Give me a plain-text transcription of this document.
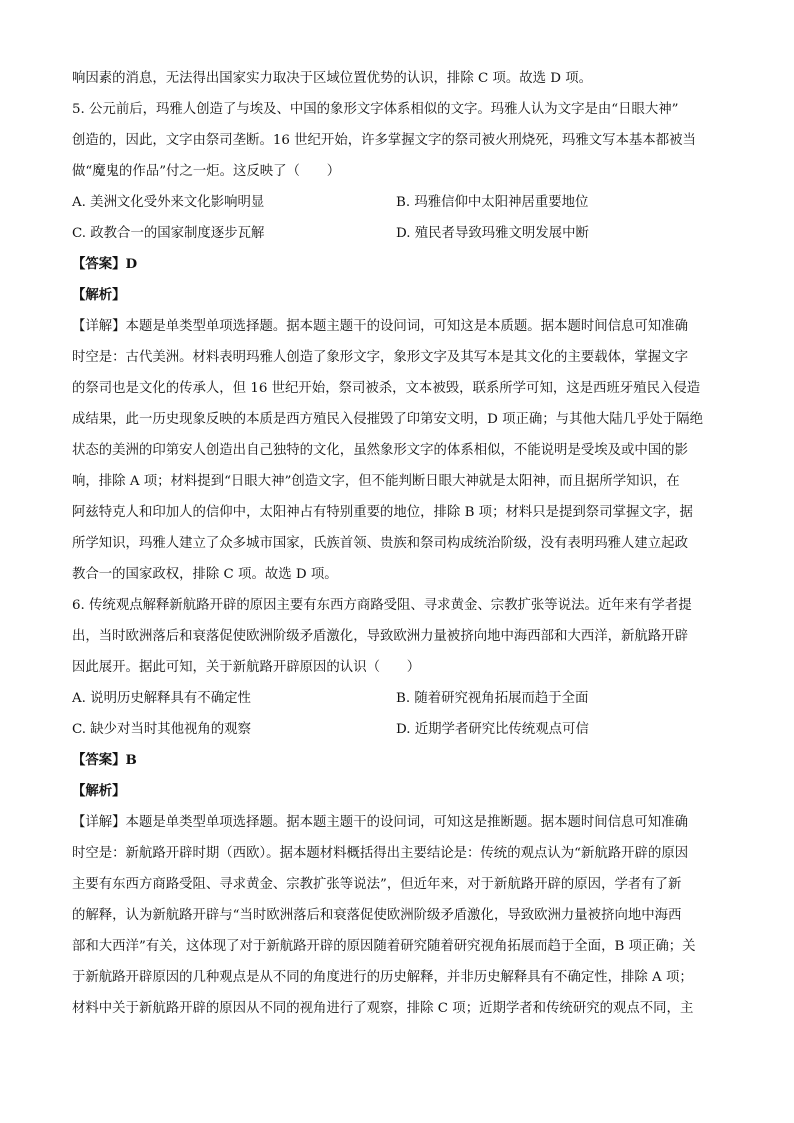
响因素的消息，无法得出国家实力取决于区域位置优势的认识，排除 C 项。故选 D 项。
5. 公元前后，玛雅人创造了与埃及、中国的象形文字体系相似的文字。玛雅人认为文字是由“日眼大神”
创造的，因此，文字由祭司垄断。16 世纪开始，许多掌握文字的祭司被火刑烧死，玛雅文写本基本都被当
做“魔鬼的作品”付之一炬。这反映了（　　）
A. 美洲文化受外来文化影响明显	B. 玛雅信仰中太阳神居重要地位
C. 政教合一的国家制度逐步瓦解	D. 殖民者导致玛雅文明发展中断
【答案】D
【解析】
【详解】本题是单类型单项选择题。据本题主题干的设问词，可知这是本质题。据本题时间信息可知准确
时空是：古代美洲。材料表明玛雅人创造了象形文字，象形文字及其写本是其文化的主要载体，掌握文字
的祭司也是文化的传承人，但 16 世纪开始，祭司被杀，文本被毁，联系所学可知，这是西班牙殖民入侵造
成结果，此一历史现象反映的本质是西方殖民入侵摧毁了印第安文明，D 项正确；与其他大陆几乎处于隔绝
状态的美洲的印第安人创造出自己独特的文化，虽然象形文字的体系相似，不能说明是受埃及或中国的影
响，排除 A 项；材料提到“日眼大神”创造文字，但不能判断日眼大神就是太阳神，而且据所学知识，在
阿兹特克人和印加人的信仰中，太阳神占有特别重要的地位，排除 B 项；材料只是提到祭司掌握文字，据
所学知识，玛雅人建立了众多城市国家，氏族首领、贵族和祭司构成统治阶级，没有表明玛雅人建立起政
教合一的国家政权，排除 C 项。故选 D 项。
6. 传统观点解释新航路开辟的原因主要有东西方商路受阻、寻求黄金、宗教扩张等说法。近年来有学者提
出，当时欧洲落后和衰落促使欧洲阶级矛盾激化，导致欧洲力量被挤向地中海西部和大西洋，新航路开辟
因此展开。据此可知，关于新航路开辟原因的认识（　　）
A. 说明历史解释具有不确定性	B. 随着研究视角拓展而趋于全面
C. 缺少对当时其他视角的观察	D. 近期学者研究比传统观点可信
【答案】B
【解析】
【详解】本题是单类型单项选择题。据本题主题干的设问词，可知这是推断题。据本题时间信息可知准确
时空是：新航路开辟时期（西欧）。据本题材料概括得出主要结论是：传统的观点认为“新航路开辟的原因
主要有东西方商路受阻、寻求黄金、宗教扩张等说法”，但近年来，对于新航路开辟的原因，学者有了新
的解释，认为新航路开辟与“当时欧洲落后和衰落促使欧洲阶级矛盾激化，导致欧洲力量被挤向地中海西
部和大西洋”有关，这体现了对于新航路开辟的原因随着研究随着研究视角拓展而趋于全面，B 项正确；关
于新航路开辟原因的几种观点是从不同的角度进行的历史解释，并非历史解释具有不确定性，排除 A 项；
材料中关于新航路开辟的原因从不同的视角进行了观察，排除 C 项；近期学者和传统研究的观点不同，主
